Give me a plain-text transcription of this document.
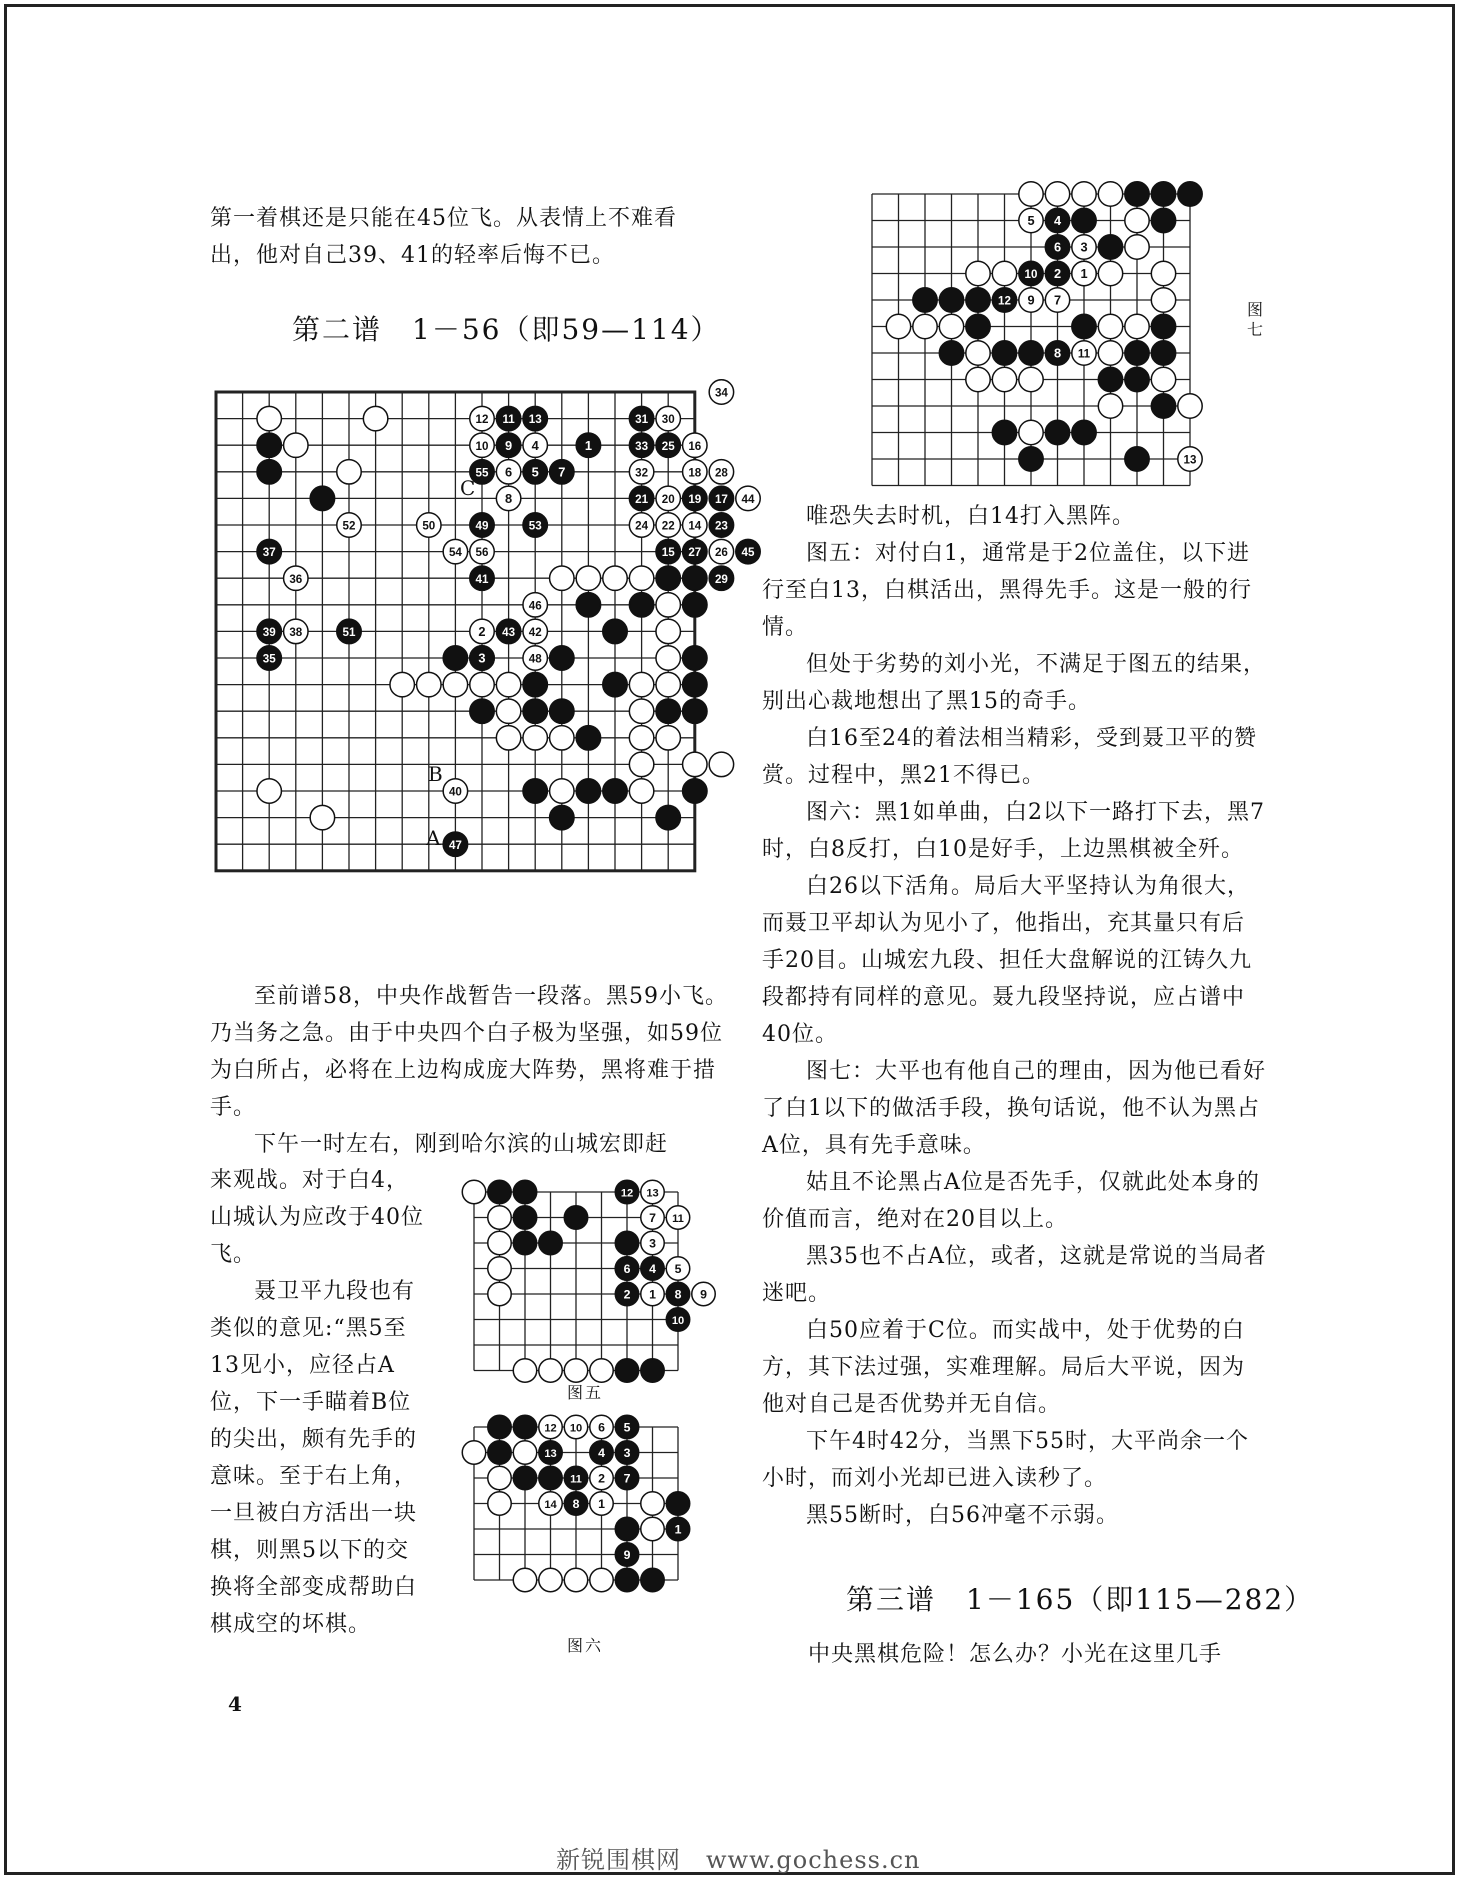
第一着棋还是只能在45位飞。从表情上不难看

出，他对自己39、41的轻率后悔不已。

第二谱　1－56（即59—114）
12 11 13	31 30
34
10 9 4	1	33 25 16
55 6 5 7	32	18 28
8	21 20 19 17 44
52	50	49	53	24 22 14 23
37	54 56	15 27 26 45
36	41	29
46
39 38	51	2 43 42
35	3	48
40
47
C
B
A

至前谱58，中央作战暂告一段落。黑59小飞。乃当务之急。由于中央四个白子极为坚强，如59位为白所占，必将在上边构成庞大阵势，黑将难于措手。

下午一时左右，刚到哈尔滨的山城宏即赶

来观战。对于白4，山城认为应改于40位飞。

聂卫平九段也有类似的意见:“黑5至13见小，应径占A位，下一手瞄着B位的尖出，颇有先手的意味。至于右上角，一旦被白方活出一块棋，则黑5以下的交换将全部变成帮助白棋成空的坏棋。

12 13
7 11
3
6 4 5
2 1 8 9
10
图五
12 10 6 5
13	4 3
11 2 7
14 8 1
1
9
图六
5 4
6 3
10 2
12 9 7
1
8 11
13
图七

唯恐失去时机，白14打入黑阵。

图五：对付白1，通常是于2位盖住，以下进行至白13，白棋活出，黑得先手。这是一般的行情。

但处于劣势的刘小光，不满足于图五的结果，别出心裁地想出了黑15的奇手。

白16至24的着法相当精彩，受到聂卫平的赞赏。过程中，黑21不得已。

图六：黑1如单曲，白2以下一路打下去，黑7时，白8反打，白10是好手，上边黑棋被全歼。

白26以下活角。局后大平坚持认为角很大，而聂卫平却认为见小了，他指出，充其量只有后手20目。山城宏九段、担任大盘解说的江铸久九段都持有同样的意见。聂九段坚持说，应占谱中40位。

图七：大平也有他自己的理由，因为他已看好了白1以下的做活手段，换句话说，他不认为黑占A位，具有先手意味。

姑且不论黑占A位是否先手，仅就此处本身的价值而言，绝对在20目以上。

黑35也不占A位，或者，这就是常说的当局者迷吧。

白50应着于C位。而实战中，处于优势的白方，其下法过强，实难理解。局后大平说，因为他对自己是否优势并无自信。

下午4时42分，当黑下55时，大平尚余一个小时，而刘小光却已进入读秒了。

黑55断时，白56冲毫不示弱。

第三谱　1－165（即115—282）
中央黑棋危险！怎么办？小光在这里几手
4
新锐围棋网　www.gochess.cn
